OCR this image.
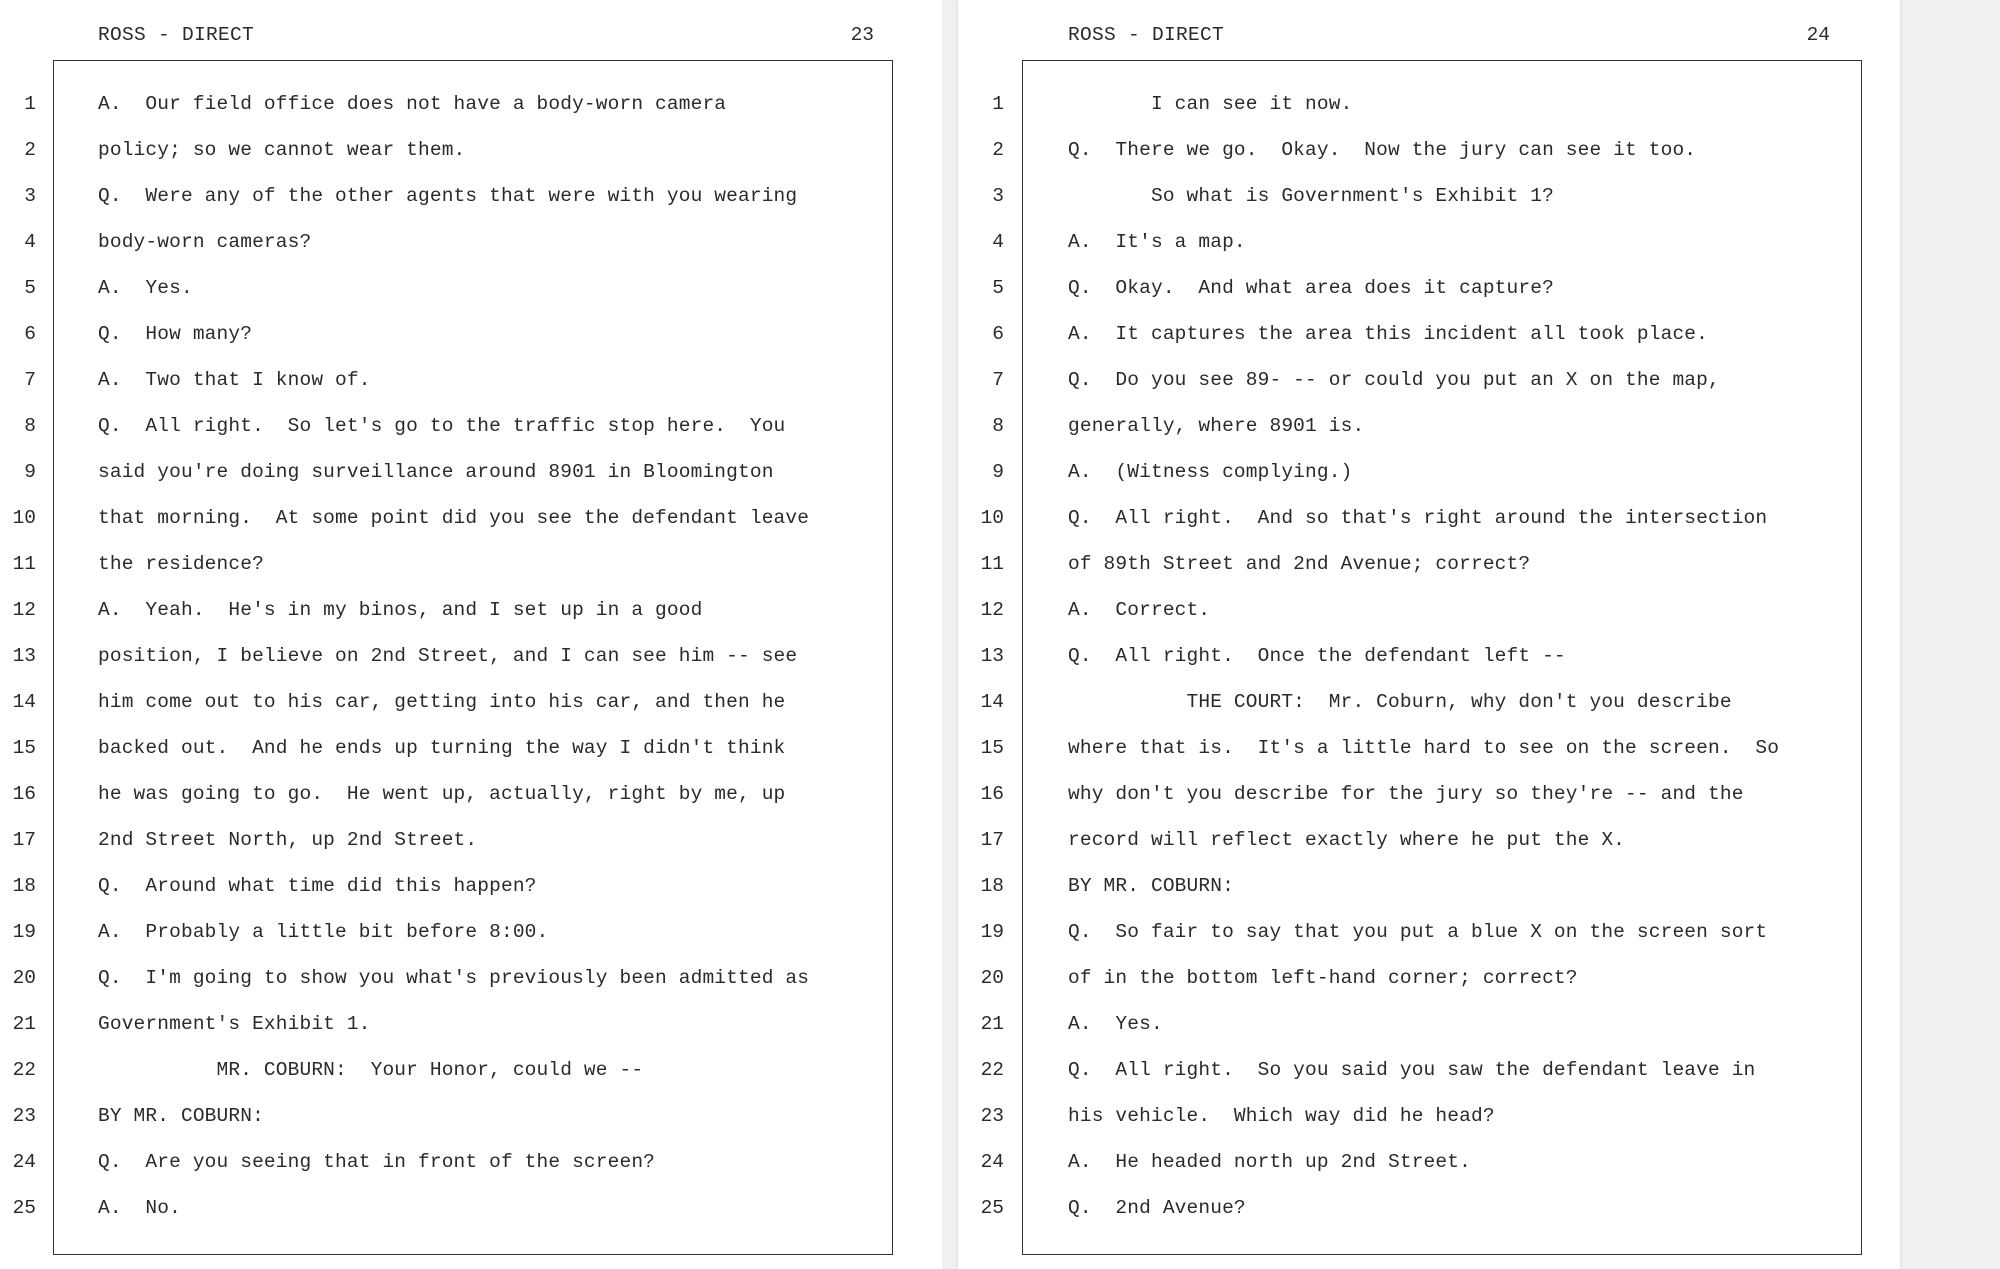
ROSS - DIRECT	23
1
2
3
4
5
6
7
8
9
10
11
12
13
14
15
16
17
18
19
20
21
22
23
24
25
A.  Our field office does not have a body-worn camera
policy; so we cannot wear them.
Q.  Were any of the other agents that were with you wearing
body-worn cameras?
A.  Yes.
Q.  How many?
A.  Two that I know of.
Q.  All right.  So let's go to the traffic stop here.  You
said you're doing surveillance around 8901 in Bloomington
that morning.  At some point did you see the defendant leave
the residence?
A.  Yeah.  He's in my binos, and I set up in a good
position, I believe on 2nd Street, and I can see him -- see
him come out to his car, getting into his car, and then he
backed out.  And he ends up turning the way I didn't think
he was going to go.  He went up, actually, right by me, up
2nd Street North, up 2nd Street.
Q.  Around what time did this happen?
A.  Probably a little bit before 8:00.
Q.  I'm going to show you what's previously been admitted as
Government's Exhibit 1.
MR. COBURN:  Your Honor, could we --
BY MR. COBURN:
Q.  Are you seeing that in front of the screen?
A.  No.
ROSS - DIRECT	24
1
2
3
4
5
6
7
8
9
10
11
12
13
14
15
16
17
18
19
20
21
22
23
24
25
I can see it now.
Q.  There we go.  Okay.  Now the jury can see it too.
So what is Government's Exhibit 1?
A.  It's a map.
Q.  Okay.  And what area does it capture?
A.  It captures the area this incident all took place.
Q.  Do you see 89- -- or could you put an X on the map,
generally, where 8901 is.
A.  (Witness complying.)
Q.  All right.  And so that's right around the intersection
of 89th Street and 2nd Avenue; correct?
A.  Correct.
Q.  All right.  Once the defendant left --
THE COURT:  Mr. Coburn, why don't you describe
where that is.  It's a little hard to see on the screen.  So
why don't you describe for the jury so they're -- and the
record will reflect exactly where he put the X.
BY MR. COBURN:
Q.  So fair to say that you put a blue X on the screen sort
of in the bottom left-hand corner; correct?
A.  Yes.
Q.  All right.  So you said you saw the defendant leave in
his vehicle.  Which way did he head?
A.  He headed north up 2nd Street.
Q.  2nd Avenue?
